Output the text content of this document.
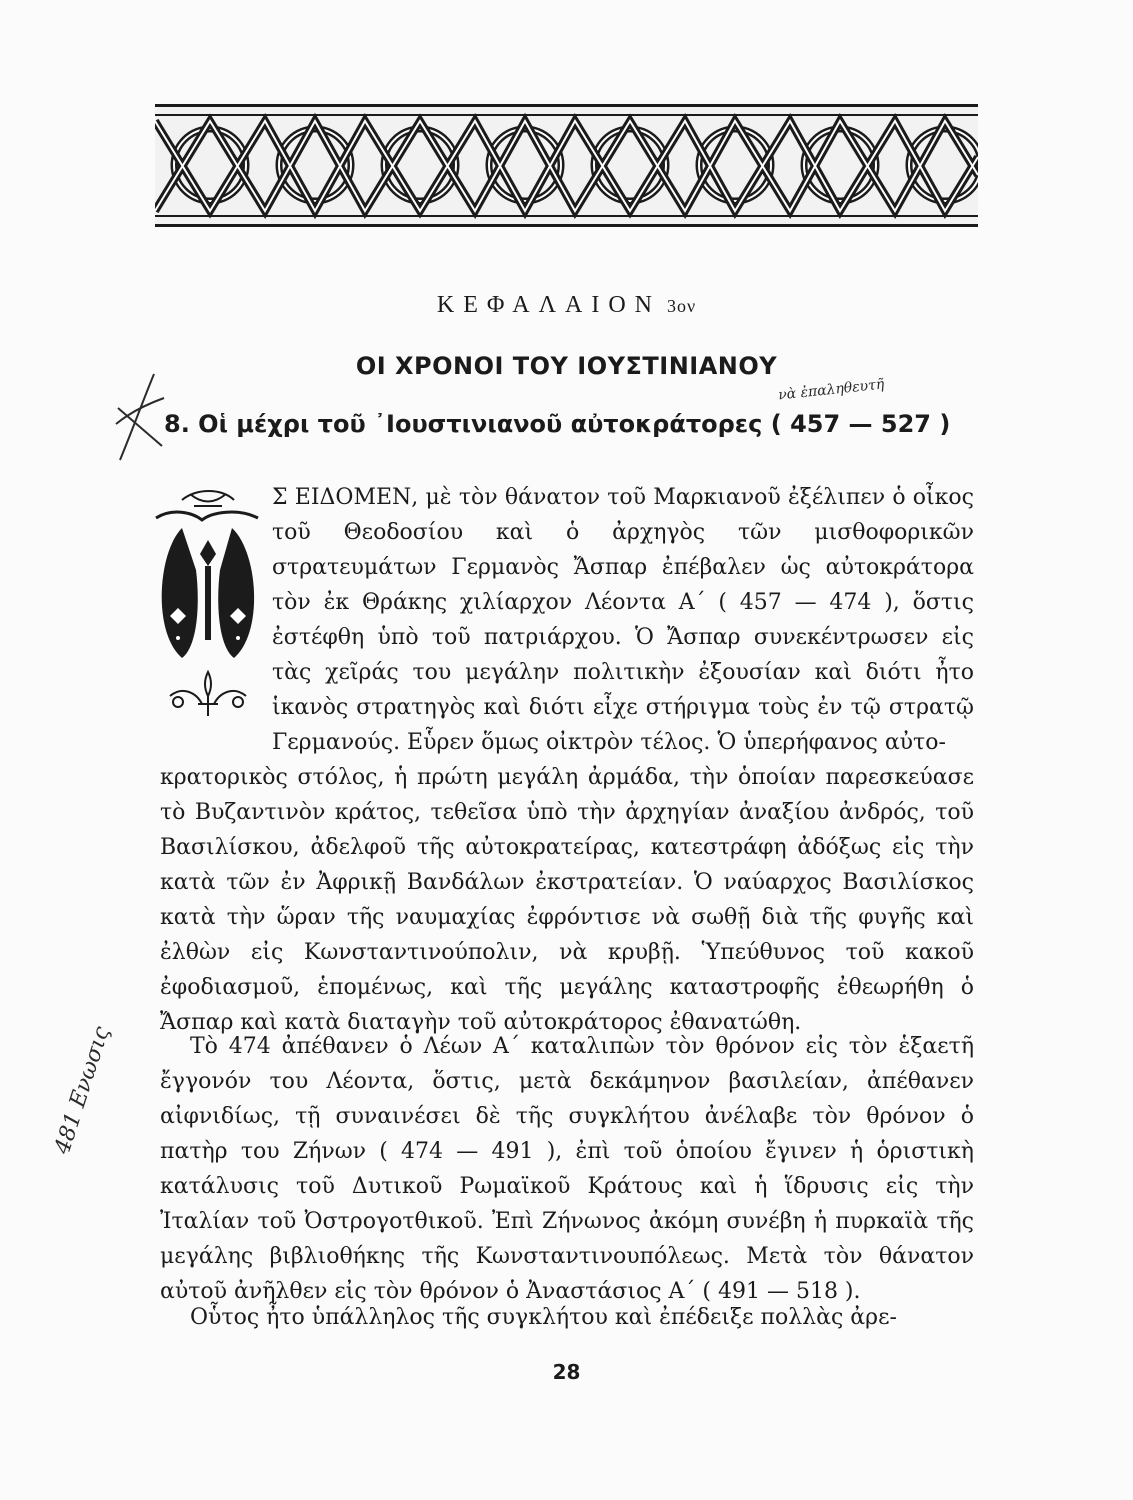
ΚΕΦΑΛΑΙΟΝ 3ον
ΟΙ ΧΡΟΝΟΙ ΤΟΥ ΙΟΥΣΤΙΝΙΑΝΟΥ
8. Οἱ μέχρι τοῦ ᾿Ιουστινιανοῦ αὐτοκράτορες ( 457 — 527 )
νὰ ἐπαληθευτῆ
Σ ΕΙΔΟΜΕΝ, μὲ τὸν θάνατον τοῦ Μαρκιανοῦ ἐξέλιπεν ὁ οἶκος τοῦ Θεοδοσίου καὶ ὁ ἀρχηγὸς τῶν μισθοφορικῶν στρατευμάτων Γερμανὸς Ἄσπαρ ἐπέβαλεν ὡς αὐτοκράτορα τὸν ἐκ Θράκης χιλίαρχον Λέοντα Α΄ ( 457 — 474 ), ὅστις ἐστέφθη ὑπὸ τοῦ πατριάρχου. Ὁ Ἄσπαρ συνεκέντρωσεν εἰς τὰς χεῖράς του μεγάλην πολιτικὴν ἐξουσίαν καὶ διότι ἦτο ἱκανὸς στρατηγὸς καὶ διότι εἶχε στήριγμα τοὺς ἐν τῷ στρατῷ Γερμανούς. Εὗρεν ὅμως οἰκτρὸν τέλος. Ὁ ὑπερήφανος αὐτο-
κρατορικὸς στόλος, ἡ πρώτη μεγάλη ἀρμάδα, τὴν ὁποίαν παρεσκεύασε τὸ Βυζαντινὸν κράτος, τεθεῖσα ὑπὸ τὴν ἀρχηγίαν ἀναξίου ἀνδρός, τοῦ Βασιλίσκου, ἀδελφοῦ τῆς αὐτοκρατείρας, κατεστράφη ἀδόξως εἰς τὴν κατὰ τῶν ἐν Ἀφρικῇ Βανδάλων ἐκστρατείαν. Ὁ ναύαρχος Βασιλίσκος κατὰ τὴν ὥραν τῆς ναυμαχίας ἐφρόντισε νὰ σωθῇ διὰ τῆς φυγῆς καὶ ἐλθὼν εἰς Κωνσταντινούπολιν, νὰ κρυβῇ. Ὑπεύθυνος τοῦ κακοῦ ἐφοδιασμοῦ, ἑπομένως, καὶ τῆς μεγάλης καταστροφῆς ἐθεωρήθη ὁ Ἄσπαρ καὶ κατὰ διαταγὴν τοῦ αὐτοκράτορος ἐθανατώθη.
Τὸ 474 ἀπέθανεν ὁ Λέων Α΄ καταλιπὼν τὸν θρόνον εἰς τὸν ἑξαετῆ ἔγγονόν του Λέοντα, ὅστις, μετὰ δεκάμηνον βασιλείαν, ἀπέθανεν αἰφνιδίως, τῇ συναινέσει δὲ τῆς συγκλήτου ἀνέλαβε τὸν θρόνον ὁ πατὴρ του Ζήνων ( 474 — 491 ), ἐπὶ τοῦ ὁποίου ἔγινεν ἡ ὁριστικὴ κατάλυσις τοῦ Δυτικοῦ Ρωμαϊκοῦ Κράτους καὶ ἡ ἵδρυσις εἰς τὴν Ἰταλίαν τοῦ Ὀστρογοτθικοῦ. Ἐπὶ Ζήνωνος ἀκόμη συνέβη ἡ πυρκαϊὰ τῆς μεγάλης βιβλιοθήκης τῆς Κωνσταντινουπόλεως. Μετὰ τὸν θάνατον αὐτοῦ ἀνῆλθεν εἰς τὸν θρόνον ὁ Ἀναστάσιος Α΄ ( 491 — 518 ).
Οὗτος ἦτο ὑπάλληλος τῆς συγκλήτου καὶ ἐπέδειξε πολλὰς ἀρε-
481 Ενωσις
28
